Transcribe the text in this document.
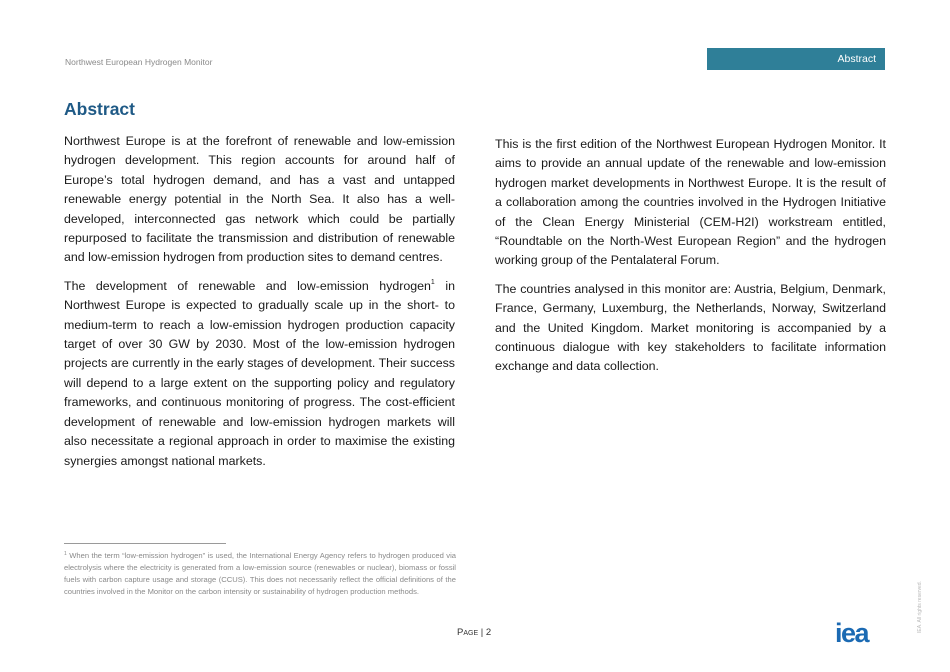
Northwest European Hydrogen Monitor	Abstract
Abstract

Northwest Europe is at the forefront of renewable and low-emission hydrogen development. This region accounts for around half of Europe’s total hydrogen demand, and has a vast and untapped renewable energy potential in the North Sea. It also has a well-developed, interconnected gas network which could be partially repurposed to facilitate the transmission and distribution of renewable and low-emission hydrogen from production sites to demand centres.

The development of renewable and low-emission hydrogen$^1$ in Northwest Europe is expected to gradually scale up in the short- to medium-term to reach a low-emission hydrogen production capacity target of over 30 GW by 2030. Most of the low-emission hydrogen projects are currently in the early stages of development. Their success will depend to a large extent on the supporting policy and regulatory frameworks, and continuous monitoring of progress. The cost-efficient development of renewable and low-emission hydrogen markets will also necessitate a regional approach in order to maximise the existing synergies amongst national markets.

This is the first edition of the Northwest European Hydrogen Monitor. It aims to provide an annual update of the renewable and low-emission hydrogen market developments in Northwest Europe. It is the result of a collaboration among the countries involved in the Hydrogen Initiative of the Clean Energy Ministerial (CEM-H2I) workstream entitled, “Roundtable on the North-West European Region” and the hydrogen working group of the Pentalateral Forum.

The countries analysed in this monitor are: Austria, Belgium, Denmark, France, Germany, Luxemburg, the Netherlands, Norway, Switzerland and the United Kingdom. Market monitoring is accompanied by a continuous dialogue with key stakeholders to facilitate information exchange and data collection.

$^1$ When the term “low-emission hydrogen” is used, the International Energy Agency refers to hydrogen produced via electrolysis where the electricity is generated from a low-emission source (renewables or nuclear), biomass or fossil fuels with carbon capture usage and storage (CCUS). This does not necessarily reflect the official definitions of the countries involved in the Monitor on the carbon intensity or sustainability of hydrogen production methods.
Page | 2	iea	IEA. All rights reserved.
